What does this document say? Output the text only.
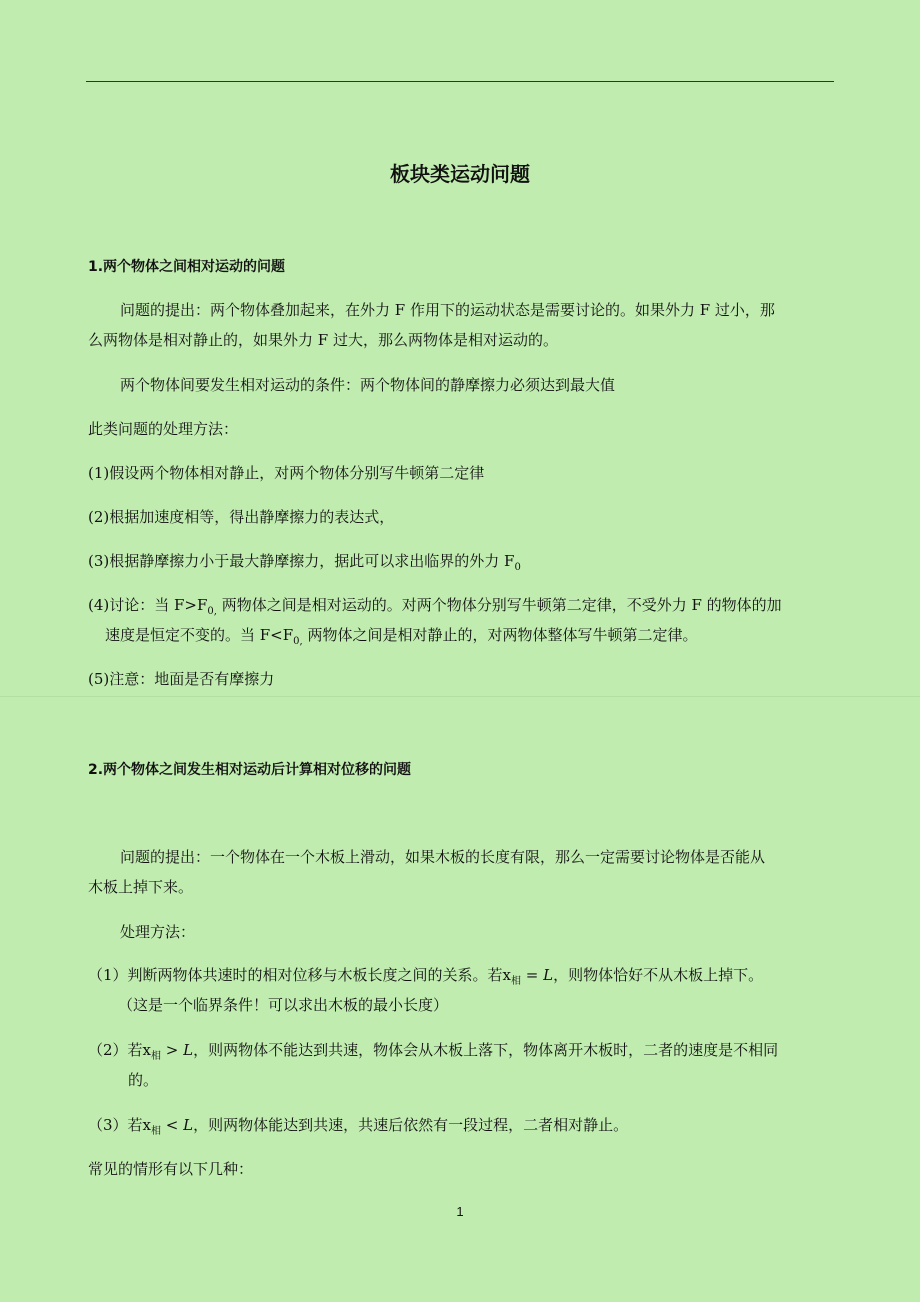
板块类运动问题
1.两个物体之间相对运动的问题
问题的提出：两个物体叠加起来，在外力 F 作用下的运动状态是需要讨论的。如果外力 F 过小，那
么两物体是相对静止的，如果外力 F 过大，那么两物体是相对运动的。
两个物体间要发生相对运动的条件：两个物体间的静摩擦力必须达到最大值
此类问题的处理方法：
(1)假设两个物体相对静止，对两个物体分别写牛顿第二定律
(2)根据加速度相等，得出静摩擦力的表达式，
(3)根据静摩擦力小于最大静摩擦力，据此可以求出临界的外力 $F_0$
(4)讨论：当 $F>F_{0,}$ 两物体之间是相对运动的。对两个物体分别写牛顿第二定律，不受外力 F 的物体的加
速度是恒定不变的。当 $F<F_{0,}$ 两物体之间是相对静止的，对两物体整体写牛顿第二定律。
(5)注意：地面是否有摩擦力
2.两个物体之间发生相对运动后计算相对位移的问题
问题的提出：一个物体在一个木板上滑动，如果木板的长度有限，那么一定需要讨论物体是否能从
木板上掉下来。
处理方法：
（1）判断两物体共速时的相对位移与木板长度之间的关系。若$x_相 = L$，则物体恰好不从木板上掉下。
（这是一个临界条件！可以求出木板的最小长度）
（2）若$x_相 > L$，则两物体不能达到共速，物体会从木板上落下，物体离开木板时，二者的速度是不相同
的。
（3）若$x_相 < L$，则两物体能达到共速，共速后依然有一段过程，二者相对静止。
常见的情形有以下几种：
1
